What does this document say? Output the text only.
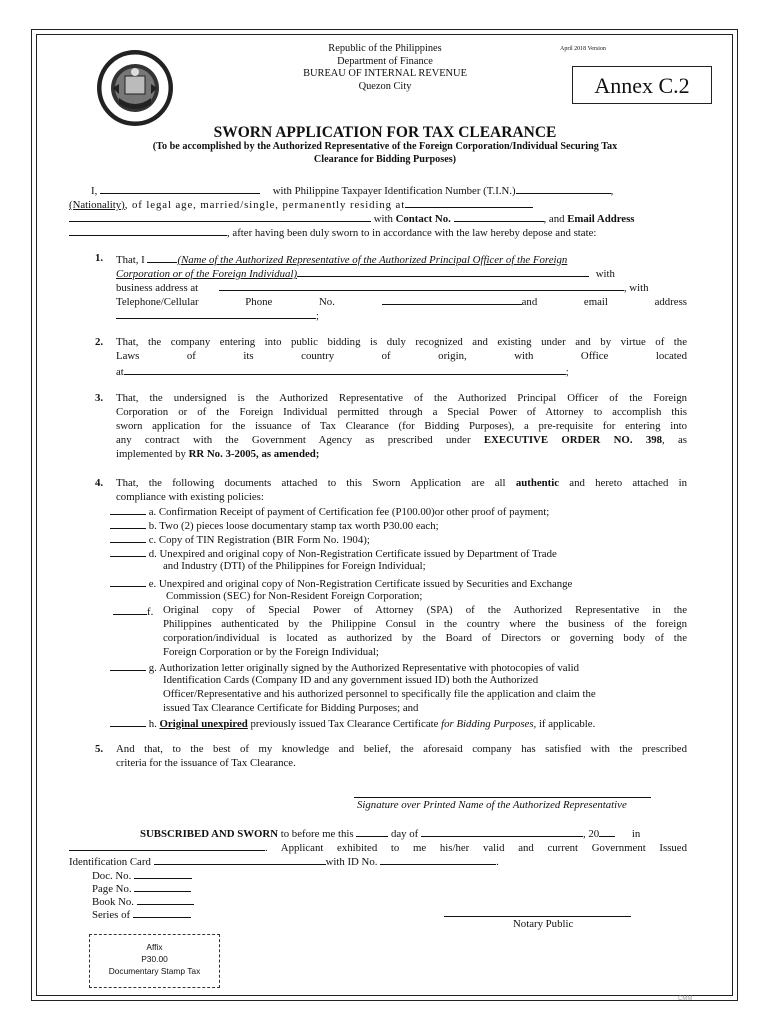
Republic of the Philippines
Department of Finance
BUREAU OF INTERNAL REVENUE
Quezon City
April 2018 Version
Annex C.2
SWORN APPLICATION FOR TAX CLEARANCE
(To be accomplished by the Authorized Representative of the Foreign Corporation/Individual Securing Tax
Clearance for Bidding Purposes)
I,	with Philippine Taxpayer Identification Number (T.I.N.)	,
(Nationality), of legal age, married/single, permanently residing at
with Contact No.	, and Email Address
, after having been duly sworn to in accordance with the law hereby depose and state:
1. That, I	(Name of the Authorized Representative of the Authorized Principal Officer of the Foreign
Corporation or of the Foreign Individual)	with
business address at	, with
Telephone/Cellular Phone No.	and email address
;
2. That, the company entering into public bidding is duly recognized and existing under and by virtue of the
Laws of its country of origin, with Office located
at	;
3. That, the undersigned is the Authorized Representative of the Authorized Principal Officer of the Foreign
Corporation or of the Foreign Individual permitted through a Special Power of Attorney to accomplish this
sworn application for the issuance of Tax Clearance (for Bidding Purposes), a pre-requisite for entering into
any contract with the Government Agency as prescribed under EXECUTIVE ORDER NO. 398, as
implemented by RR No. 3-2005, as amended;
4. That, the following documents attached to this Sworn Application are all authentic and hereto attached in
compliance with existing policies:
a. Confirmation Receipt of payment of Certification fee (P100.00)or other proof of payment;
b. Two (2) pieces loose documentary stamp tax worth P30.00 each;
c. Copy of TIN Registration (BIR Form No. 1904);
d. Unexpired and original copy of Non-Registration Certificate issued by Department of Trade
and Industry (DTI) of the Philippines for Foreign Individual;
e. Unexpired and original copy of Non-Registration Certificate issued by Securities and Exchange
Commission (SEC) for Non-Resident Foreign Corporation;
f. Original copy of Special Power of Attorney (SPA) of the Authorized Representative in the
Philippines authenticated by the Philippine Consul in the country where the business of the foreign
corporation/individual is located as authorized by the Board of Directors or governing body of the
Foreign Corporation or by the Foreign Individual;
g. Authorization letter originally signed by the Authorized Representative with photocopies of valid
Identification Cards (Company ID and any government issued ID) both the Authorized
Officer/Representative and his authorized personnel to specifically file the application and claim the
issued Tax Clearance Certificate for Bidding Purposes; and
h. Original unexpired previously issued Tax Clearance Certificate for Bidding Purposes, if applicable.
5. And that, to the best of my knowledge and belief, the aforesaid company has satisfied with the prescribed
criteria for the issuance of Tax Clearance.
Signature over Printed Name of the Authorized Representative
SUBSCRIBED AND SWORN to before me this	day of	, 20	in
. Applicant exhibited to me his/her valid and current Government Issued
Identification Card	with ID No.	.
Doc. No.
Page No.
Book No.
Series of
Notary Public
Affix
P30.00
Documentary Stamp Tax
CMM
